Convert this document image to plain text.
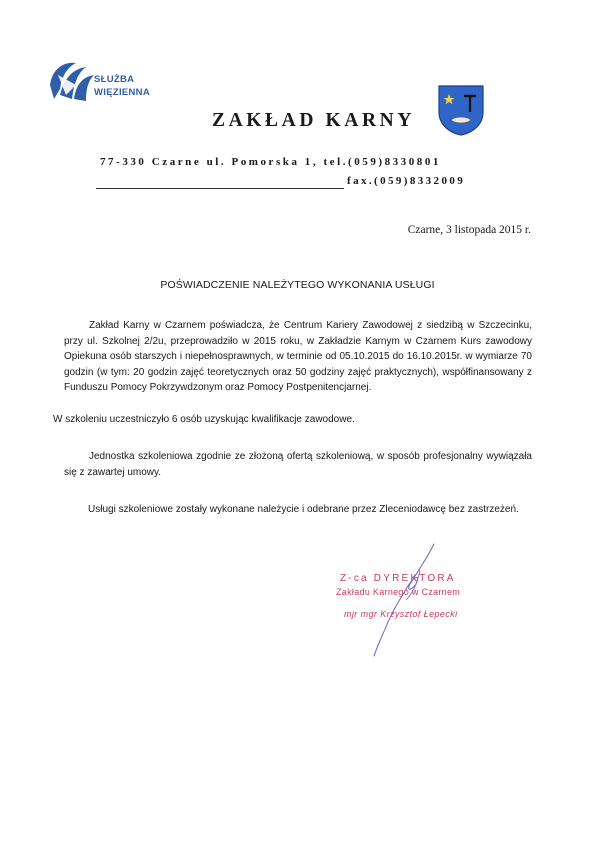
SŁUŻBA
WIĘZIENNA
ZAKŁAD KARNY
77-330 Czarne ul. Pomorska 1, tel.(059)8330801
fax.(059)8332009
Czarne, 3 listopada 2015 r.
POŚWIADCZENIE NALEŻYTEGO WYKONANIA USŁUGI
Zakład Karny w Czarnem poświadcza, że Centrum Kariery Zawodowej z siedzibą w Szczecinku, przy ul. Szkolnej 2/2u, przeprowadziło w 2015 roku, w Zakładzie Karnym w Czarnem Kurs zawodowy Opiekuna osób starszych i niepełnosprawnych, w terminie od 05.10.2015 do 16.10.2015r. w wymiarze 70 godzin (w tym: 20 godzin zajęć teoretycznych oraz 50 godziny zajęć praktycznych), współfinansowany z Funduszu Pomocy Pokrzywdzonym oraz Pomocy Postpenitencjarnej.
W szkoleniu uczestniczyło 6 osób uzyskując kwalifikacje zawodowe.
Jednostka szkoleniowa zgodnie ze złożoną ofertą szkoleniową, w sposób profesjonalny wywiązała się z zawartej umowy.
Usługi szkoleniowe zostały wykonane należycie i odebrane przez Zleceniodawcę bez zastrzeżeń.
Z-ca DYREKTORA
Zakładu Karnego w Czarnem
mjr mgr Krzysztof Łepecki
